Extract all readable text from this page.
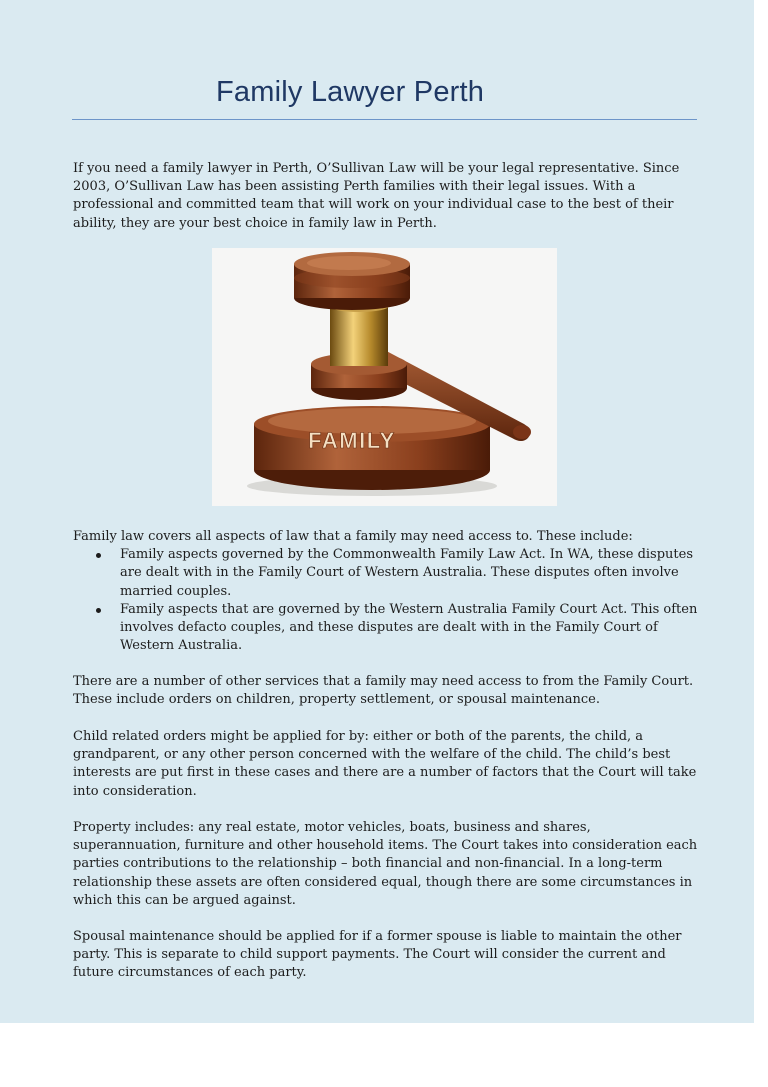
Family Lawyer Perth

If you need a family lawyer in Perth, O’Sullivan Law will be your legal representative. Since 2003, O’Sullivan Law has been assisting Perth families with their legal issues. With a professional and committed team that will work on your individual case to the best of their ability, they are your best choice in family law in Perth.

FAMILY

Family law covers all aspects of law that a family may need access to. These include:

Family aspects governed by the Commonwealth Family Law Act. In WA, these disputes are dealt with in the Family Court of Western Australia. These disputes often involve married couples.
Family aspects that are governed by the Western Australia Family Court Act. This often involves defacto couples, and these disputes are dealt with in the Family Court of Western Australia.

There are a number of other services that a family may need access to from the Family Court. These include orders on children, property settlement, or spousal maintenance.

Child related orders might be applied for by: either or both of the parents, the child, a grandparent, or any other person concerned with the welfare of the child. The child’s best interests are put first in these cases and there are a number of factors that the Court will take into consideration.

Property includes: any real estate, motor vehicles, boats, business and shares, superannuation, furniture and other household items. The Court takes into consideration each parties contributions to the relationship – both financial and non-financial. In a long-term relationship these assets are often considered equal, though there are some circumstances in which this can be argued against.

Spousal maintenance should be applied for if a former spouse is liable to maintain the other party. This is separate to child support payments. The Court will consider the current and future circumstances of each party.
